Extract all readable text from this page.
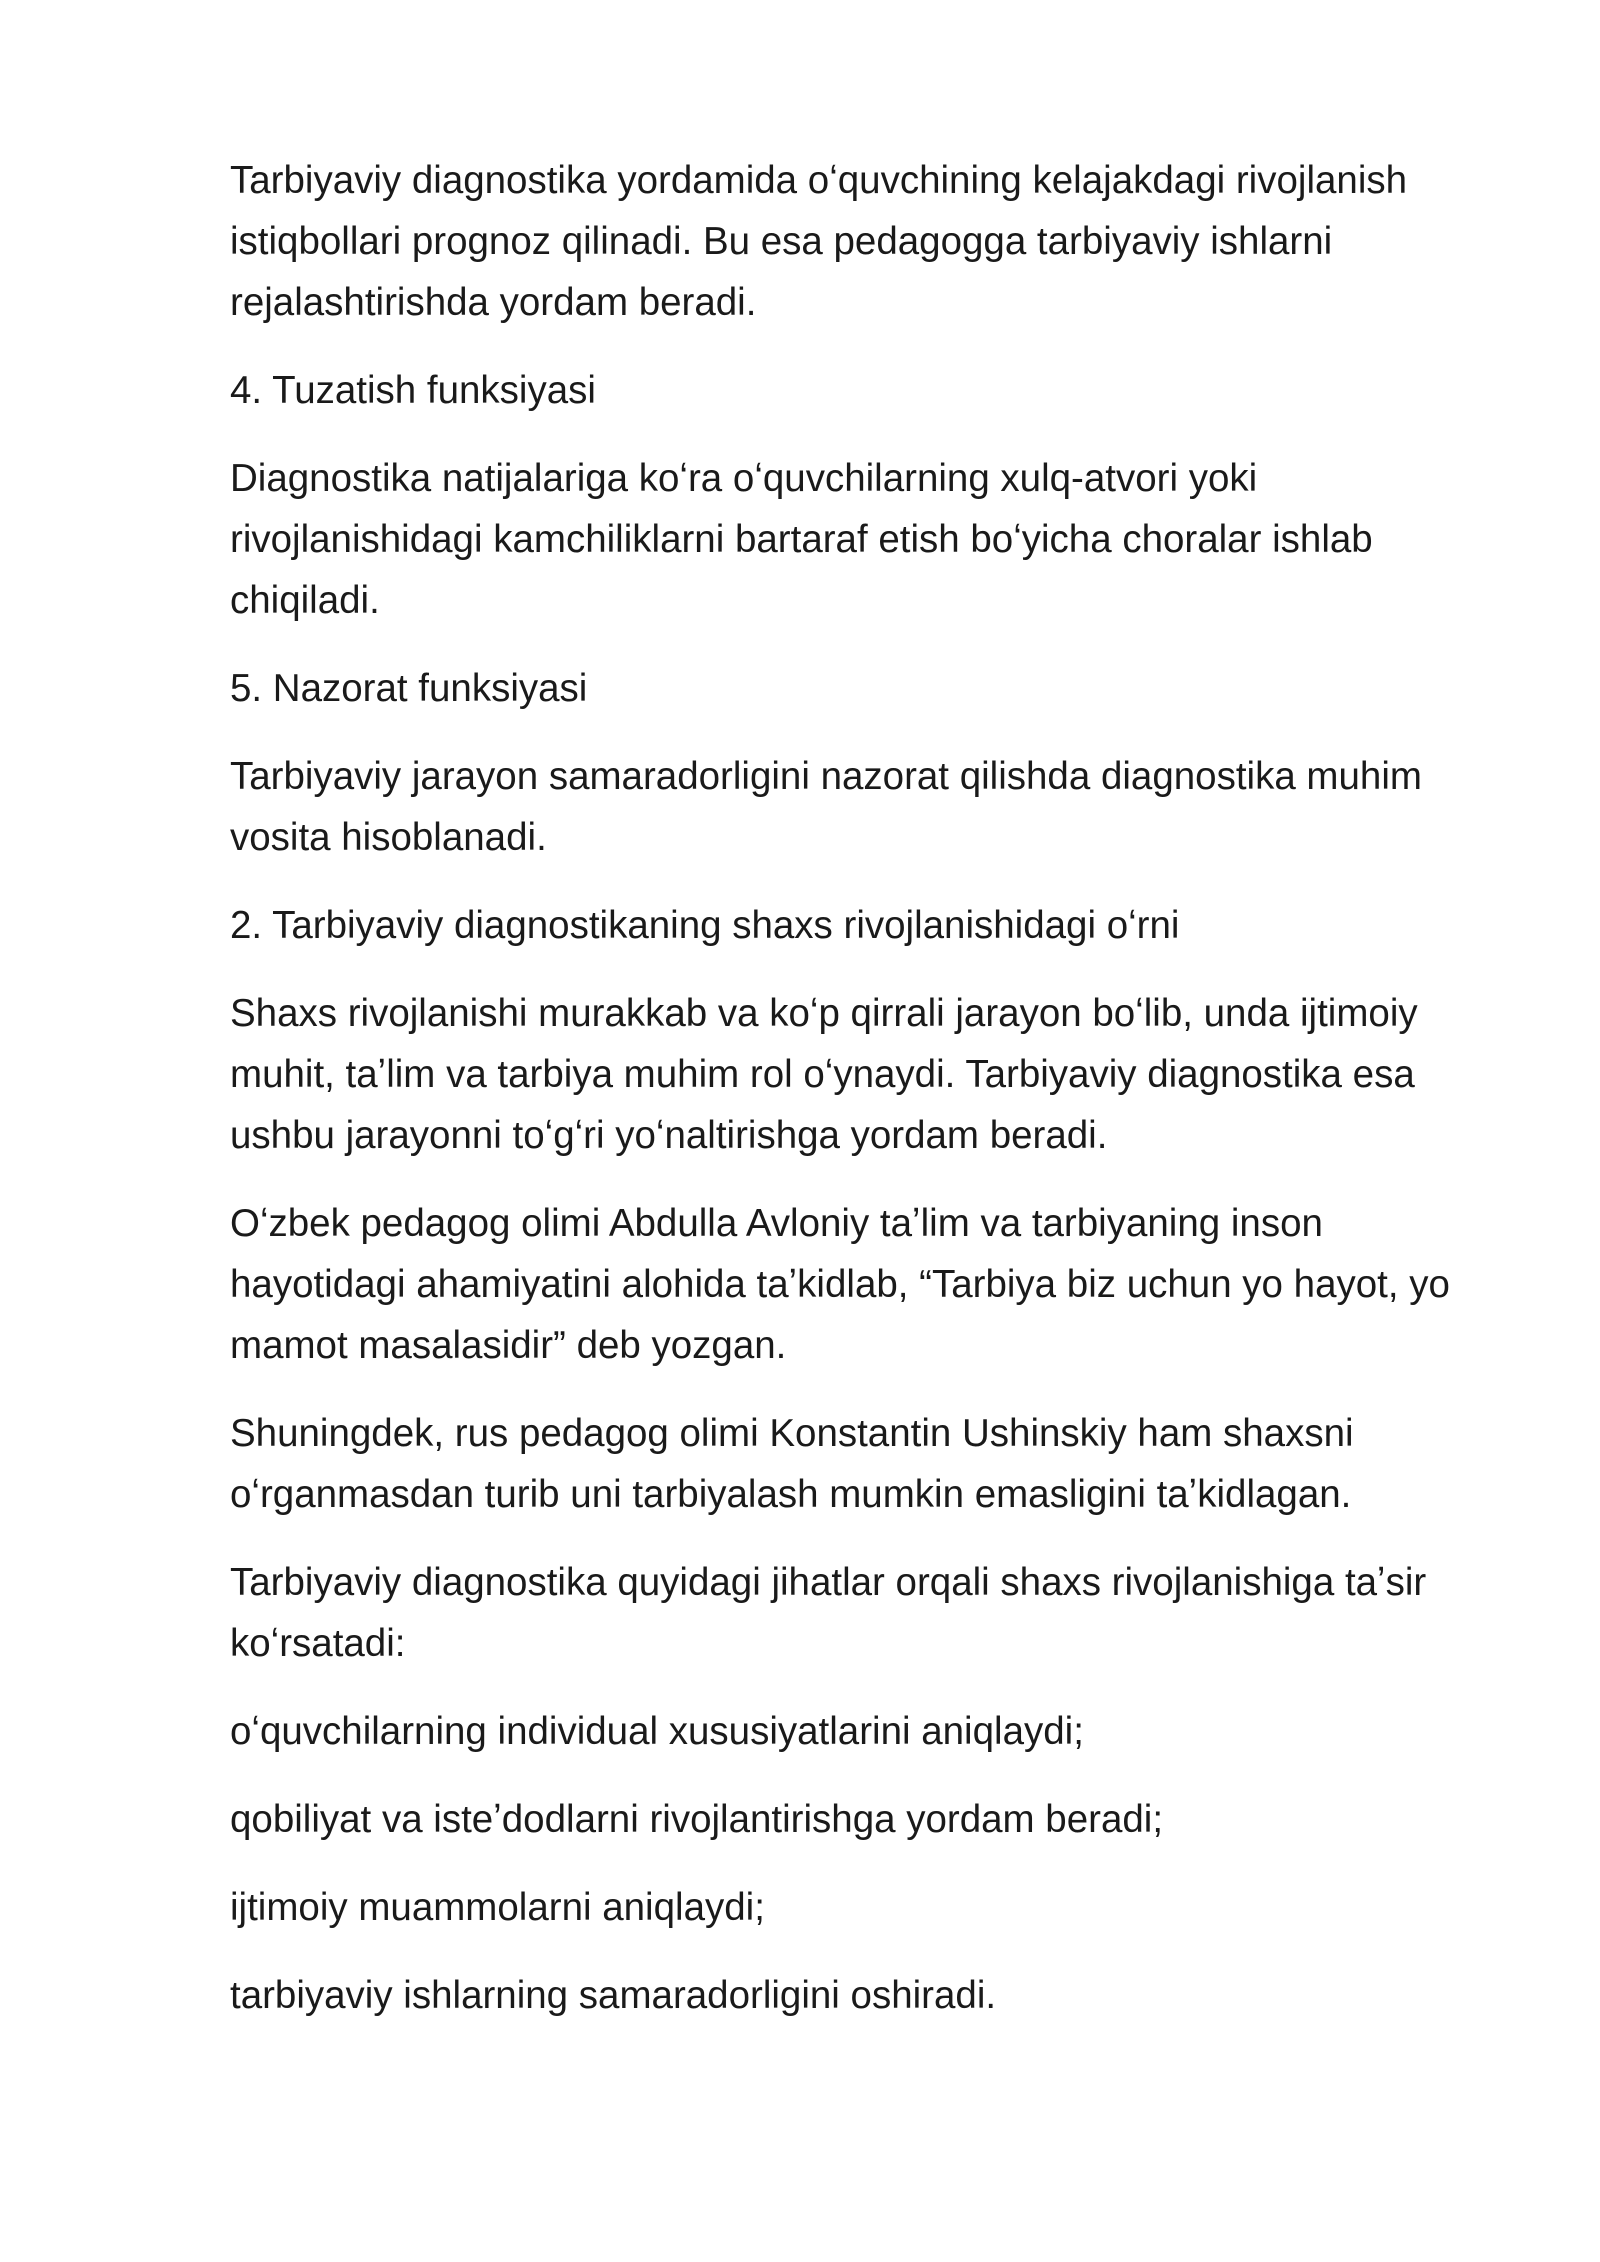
Tarbiyaviy diagnostika yordamida oʻquvchining kelajakdagi rivojlanish istiqbollari prognoz qilinadi. Bu esa pedagogga tarbiyaviy ishlarni rejalashtirishda yordam beradi.

4. Tuzatish funksiyasi

Diagnostika natijalariga koʻra oʻquvchilarning xulq-atvori yoki rivojlanishidagi kamchiliklarni bartaraf etish boʻyicha choralar ishlab chiqiladi.

5. Nazorat funksiyasi

Tarbiyaviy jarayon samaradorligini nazorat qilishda diagnostika muhim vosita hisoblanadi.

2. Tarbiyaviy diagnostikaning shaxs rivojlanishidagi oʻrni

Shaxs rivojlanishi murakkab va koʻp qirrali jarayon boʻlib, unda ijtimoiy muhit, taʼlim va tarbiya muhim rol oʻynaydi. Tarbiyaviy diagnostika esa ushbu jarayonni toʻgʻri yoʻnaltirishga yordam beradi.

Oʻzbek pedagog olimi Abdulla Avloniy taʼlim va tarbiyaning inson hayotidagi ahamiyatini alohida taʼkidlab, “Tarbiya biz uchun yo hayot, yo mamot masalasidir” deb yozgan.

Shuningdek, rus pedagog olimi Konstantin Ushinskiy ham shaxsni oʻrganmasdan turib uni tarbiyalash mumkin emasligini taʼkidlagan.

Tarbiyaviy diagnostika quyidagi jihatlar orqali shaxs rivojlanishiga taʼsir koʻrsatadi:

oʻquvchilarning individual xususiyatlarini aniqlaydi;

qobiliyat va isteʼdodlarni rivojlantirishga yordam beradi;

ijtimoiy muammolarni aniqlaydi;

tarbiyaviy ishlarning samaradorligini oshiradi.
